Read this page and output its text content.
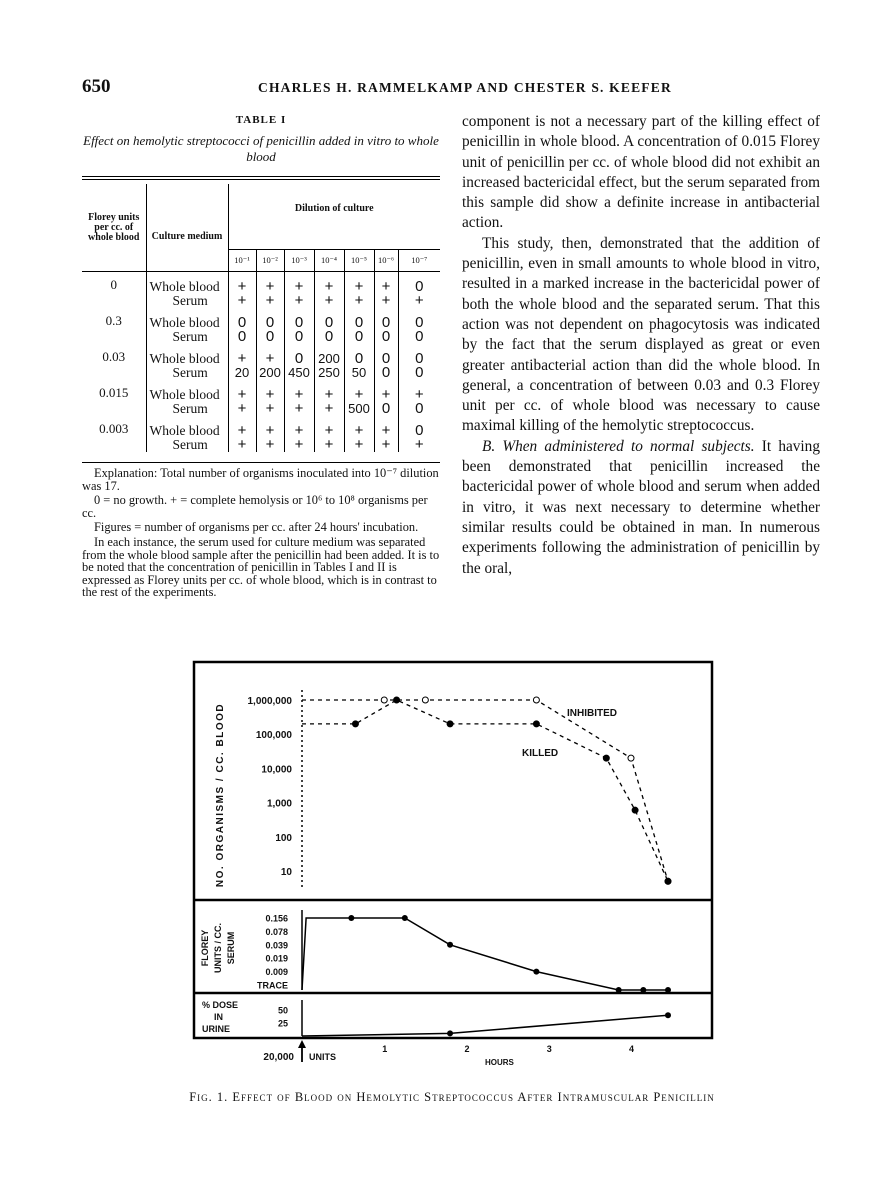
650	CHARLES H. RAMMELKAMP AND CHESTER S. KEEFER
TABLE I
Effect on hemolytic streptococci of penicillin added in vitro to whole blood

Florey units per cc. of whole blood	Culture medium	Dilution of culture						
		10⁻¹	10⁻²	10⁻³	10⁻⁴	10⁻⁵	10⁻⁶	10⁻⁷
0	Whole blood	+	+	+	+	+	+	0
	Serum	+	+	+	+	+	+	+
0.3	Whole blood	0	0	0	0	0	0	0
	Serum	0	0	0	0	0	0	0
0.03	Whole blood	+	+	0	200	0	0	0
	Serum	20	200	450	250	50	0	0
0.015	Whole blood	+	+	+	+	+	+	+
	Serum	+	+	+	+	500	0	0
0.003	Whole blood	+	+	+	+	+	+	0
	Serum	+	+	+	+	+	+	+

Explanation: Total number of organisms inoculated into 10⁻⁷ dilution was 17.

0 = no growth. + = complete hemolysis or 10⁶ to 10⁸ organisms per cc.

Figures = number of organisms per cc. after 24 hours' incubation.

In each instance, the serum used for culture medium was separated from the whole blood sample after the penicillin had been added. It is to be noted that the concentration of penicillin in Tables I and II is expressed as Florey units per cc. of whole blood, which is in contrast to the rest of the experiments.

component is not a necessary part of the killing effect of penicillin in whole blood. A concentration of 0.015 Florey unit of penicillin per cc. of whole blood did not exhibit an increased bactericidal effect, but the serum separated from this sample did show a definite increase in antibacterial action.

This study, then, demonstrated that the addition of penicillin, even in small amounts to whole blood in vitro, resulted in a marked increase in the bactericidal power of both the whole blood and the separated serum. That this action was not dependent on phagocytosis was indicated by the fact that the serum displayed as great or even greater antibacterial action than did the whole blood. In general, a concentration of between 0.03 and 0.3 Florey unit per cc. of whole blood was necessary to cause maximal killing of the hemolytic streptococcus.

B. When administered to normal subjects. It having been demonstrated that penicillin increased the bactericidal power of whole blood and serum when added in vitro, it was next necessary to determine whether similar results could be obtained in man. In numerous experiments following the administration of penicillin by the oral,

1,000,000
100,000
10,000
1,000
100
10
NO. ORGANISMS / CC. BLOOD	INHIBITED
KILLED
0.156
0.078
0.039
0.019
0.009
TRACE
FLOREY UNITS / CC. SERUM
50
25
% DOSE
IN
URINE
1	2	3	4
HOURS
20,000 UNITS
Fig. 1. Effect of Blood on Hemolytic Streptococcus After Intramuscular Penicillin
